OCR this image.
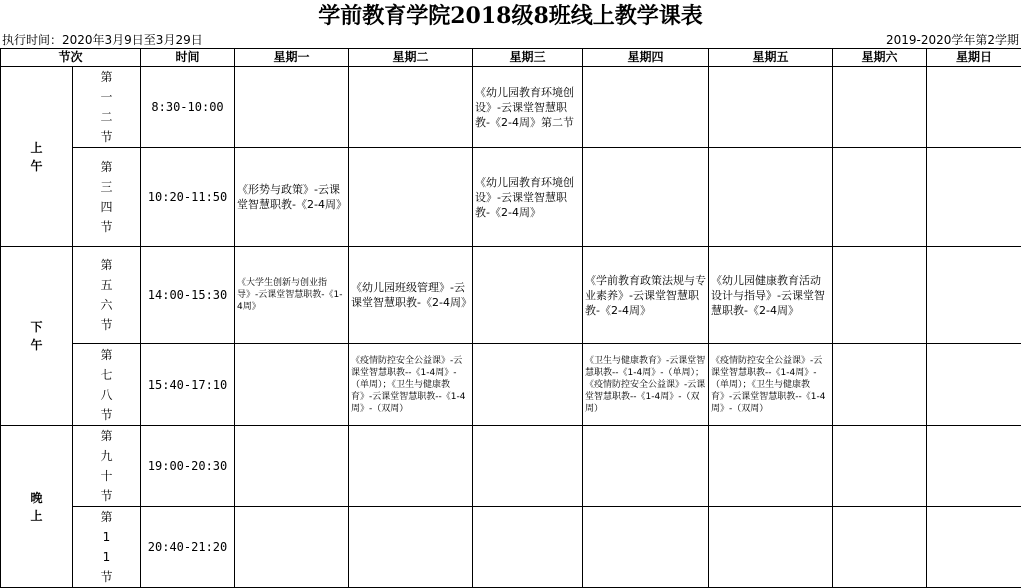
学前教育学院2018级8班线上教学课表
执行时间：2020年3月9日至3月29日	2019-2020学年第2学期
节次		时间	星期一	星期二	星期三	星期四	星期五	星期六	星期日

上午	第一二节	8:30-10:00			《幼儿园教育环境创设》-云课堂智慧职教-《2-4周》第二节				

	第三四节	10:20-11:50	《形势与政策》-云课堂智慧职教-《2-4周》		《幼儿园教育环境创设》-云课堂智慧职教-《2-4周》				

下午	第五六节	14:00-15:30	《大学生创新与创业指导》-云课堂智慧职教-《1-4周》	《幼儿园班级管理》-云课堂智慧职教-《2-4周》		《学前教育政策法规与专业素养》-云课堂智慧职教-《2-4周》	《幼儿园健康教育活动设计与指导》-云课堂智慧职教-《2-4周》		

	第七八节	15:40-17:10		《疫情防控安全公益课》-云课堂智慧职教--《1-4周》-（单周）；《卫生与健康教育》-云课堂智慧职教--《1-4周》-（双周）		《卫生与健康教育》-云课堂智慧职教--《1-4周》-（单周）；《疫情防控安全公益课》-云课堂智慧职教--《1-4周》-（双周）	《疫情防控安全公益课》-云课堂智慧职教--《1-4周》-（单周）；《卫生与健康教育》-云课堂智慧职教--《1-4周》-（双周）		

晚上	第九十节	19:00-20:30	

	第11节	20:40-21:20	
